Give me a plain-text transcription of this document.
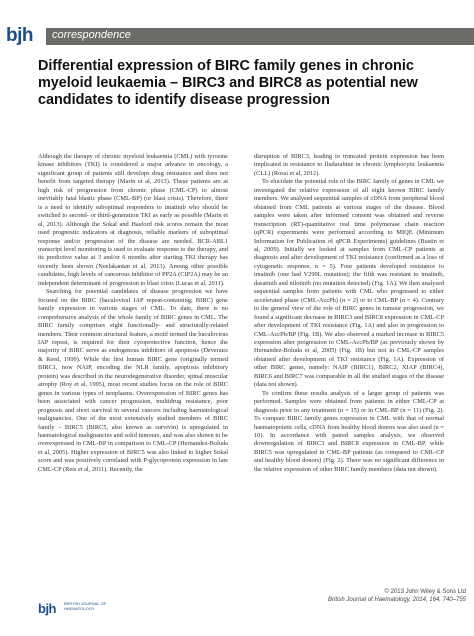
bjh correspondence
Differential expression of BIRC family genes in chronic myeloid leukaemia – BIRC3 and BIRC8 as potential new candidates to identify disease progression

Although the therapy of chronic myeloid leukaemia (CML) with tyrosine kinase inhibitors (TKI) is considered a major advance in oncology, a significant group of patients still develops drug resistance and does not benefit from targeted therapy (Marin et al, 2013). These patients are at high risk of progression from chronic phase (CML-CP) to almost inevitably fatal blastic phase (CML-BP) (or blast crisis). Therefore, there is a need to identify suboptimal responders to imatinib who should be switched to second- or third-generation TKI as early as possible (Marin et al, 2013). Although the Sokal and Hasford risk scores remain the most used prognostic indicators at diagnosis, reliable markers of suboptimal response and/or progression of the disease are needed. BCR-ABL1 transcript level monitoring is used to evaluate response to the therapy, and its predictive value at 3 and/or 6 months after starting TKI therapy has recently been shown (Neelakantan et al, 2013). Among other possible candidates, high levels of cancerous inhibitor of PP2A (CIP2A) may be an independent determinant of progression to blast crisis (Lucas et al, 2011).

Searching for potential candidates of disease progression we have focused on the BIRC (baculoviral IAP repeat-containing; BIRC) gene family expression in various stages of CML. To date, there is no comprehensive analysis of the whole family of BIRC genes in CML. The BIRC family comprises eight functionally- and structurally-related members. Their common structural feature, a motif termed the baculovirus IAP repeat, is required for their cytoprotective function, hence the majority of BIRC serve as endogenous inhibitors of apoptosis (Deveraux & Reed, 1999). While the first human BIRC gene (originally termed BIRC1, now NAIP, encoding the NLR family, apoptosis inhibitory protein) was described in the neurodegenerative disorder, spinal muscular atrophy (Roy et al, 1995), most recent studies focus on the role of BIRC genes in various types of neoplasms. Overexpression of BIRC genes has been associated with cancer progression, multidrug resistance, poor prognosis and short survival in several cancers including haematological malignancies. One of the most extensively studied members of BIRC family – BIRC5 (BIRC5, also known as survivin) is upregulated in haematological malignancies and solid tumours, and was also shown to be overexpressed in CML-BP in comparison to CML-CP (Hernandez-Boluda et al, 2005). Higher expression of BIRC5 was also linked to higher Sokal score and was positively correlated with P-glycoprotein expression in late CML-CP (Reis et al, 2011). Recently, the

disruption of BIRC3, leading to truncated protein expression has been implicated in resistance to fludarabine in chronic lymphocytic leukaemia (CLL) (Rossi et al, 2012).

To elucidate the potential role of the BIRC family of genes in CML we investigated the relative expression of all eight known BIRC family members. We analysed sequential samples of cDNA from peripheral blood obtained from CML patients at various stages of the disease. Blood samples were taken after informed consent was obtained and reverse transcription (RT)-quantitative real time polymerase chain reaction (qPCR) experiments were performed according to MIQE (Minimum Information for Publication of qPCR Experiments) guidelines (Bustin et al, 2009). Initially we looked at samples from CML-CP patients at diagnosis and after development of TKI resistance (confirmed as a loss of cytogenetic response, n = 5). Four patients developed resistance to imatinib (one had V299L mutation); the fifth was resistant to imatinib, dasatinib and nilotinib (no mutation detected) (Fig. 1A). We then analysed sequential samples from patients with CML who progressed to either accelerated phase (CML-AccPh) (n = 2) or to CML-BP (n = 4). Contrary to the general view of the role of BIRC genes in tumour progression, we found a significant decrease in BIRC3 and BIRC8 expression in CML-CP after development of TKI resistance (Fig. 1A) and also in progression to CML-AccPh/BP (Fig. 1B). We also observed a marked increase in BIRC5 expression after progression to CML-AccPh/BP (as previously shown by Hernandez-Boluda et al, 2005) (Fig. 1B) but not in CML-CP samples obtained after development of TKI resistance (Fig. 1A). Expression of other BIRC genes, namely: NAIP (BIRC1), BIRC2, XIAP (BIRC4), BIRC6 and BIRC7 was comparable in all the studied stages of the disease (data not shown).

To confirm these results analysis of a larger group of patients was performed. Samples were obtained from patients in either CML-CP at diagnosis prior to any treatment (n = 15) or in CML-BP (n = 11) (Fig. 2). To compare BIRC family genes expression in CML with that of normal haematopoietic cells, cDNA from healthy blood donors was also used (n = 10). In accordance with paired samples analysis, we observed downregulation of BIRC3 and BIRC8 expression in CML-BP, while BIRC5 was upregulated in CML-BP patients (as compared to CML-CP and healthy blood donors) (Fig. 2). There was no significant difference in the relative expression of other BIRC family members (data not shown).

© 2013 John Wiley & Sons Ltd
British Journal of Haematology, 2014, 164, 740–755
bjh BRITISH JOURNAL OF HAEMATOLOGY
